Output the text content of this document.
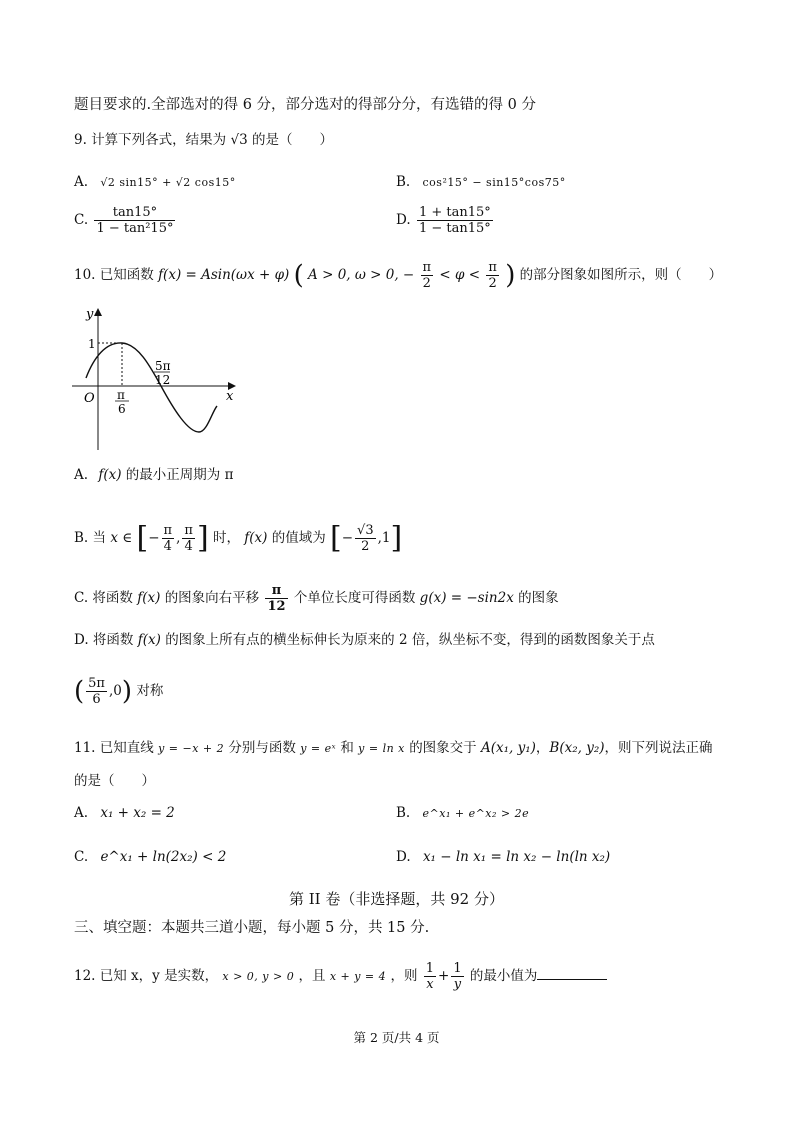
题目要求的.全部选对的得 6 分，部分选对的得部分分，有选错的得 0 分
9. 计算下列各式，结果为 √3 的是（　　）
A. √2 sin15° + √2 cos15°	B. cos²15° − sin15°cos75°
C. $\frac{\tan 15^\circ}{\text{1 − tan²15°}}$	D. $\frac{1 + \tan 15^\circ}{1 - \tan 15^\circ}$
10. 已知函数 f(x) = Asin(ωx + φ) ( A > 0, ω > 0, − $\frac{\pi}{2} < \varphi < \frac{\pi}{2}$ ) 的部分图象如图所示，则（　　）
y
x
O
1
π
6
5π
12
A. f(x) 的最小正周期为 π
B. 当 x ∈ [− $\frac{\pi}{4}$ , $\frac{\pi}{4}$ ] 时， f(x) 的值域为 [− $\frac{√3}{2} ,1$]
C. 将函数 f(x) 的图象向右平移 $\frac{\pi}{12}$ 个单位长度可得函数 g(x) = −sin2x 的图象
D. 将函数 f(x) 的图象上所有点的横坐标伸长为原来的 2 倍，纵坐标不变，得到的函数图象关于点
( $\frac{5\pi}{6} ,0$) 对称
11. 已知直线 y = −x + 2 分别与函数 y = eˣ 和 y = ln x 的图象交于 A(x₁, y₁)，B(x₂, y₂)，则下列说法正确
的是（　　）
A. x₁ + x₂ = 2	B. e^x₁ + e^x₂ > 2e
C. e^x₁ + ln(2x₂) < 2	D. x₁ − ln x₁ = ln x₂ − ln(ln x₂)
第 II 卷（非选择题，共 92 分）
三、填空题：本题共三道小题，每小题 5 分，共 15 分.
12. 已知 x，y 是实数， x > 0, y > 0 ，且 x + y = 4 ，则 $\frac{1}{x} + \frac{1}{y}$ 的最小值为
第 2 页/共 4 页
